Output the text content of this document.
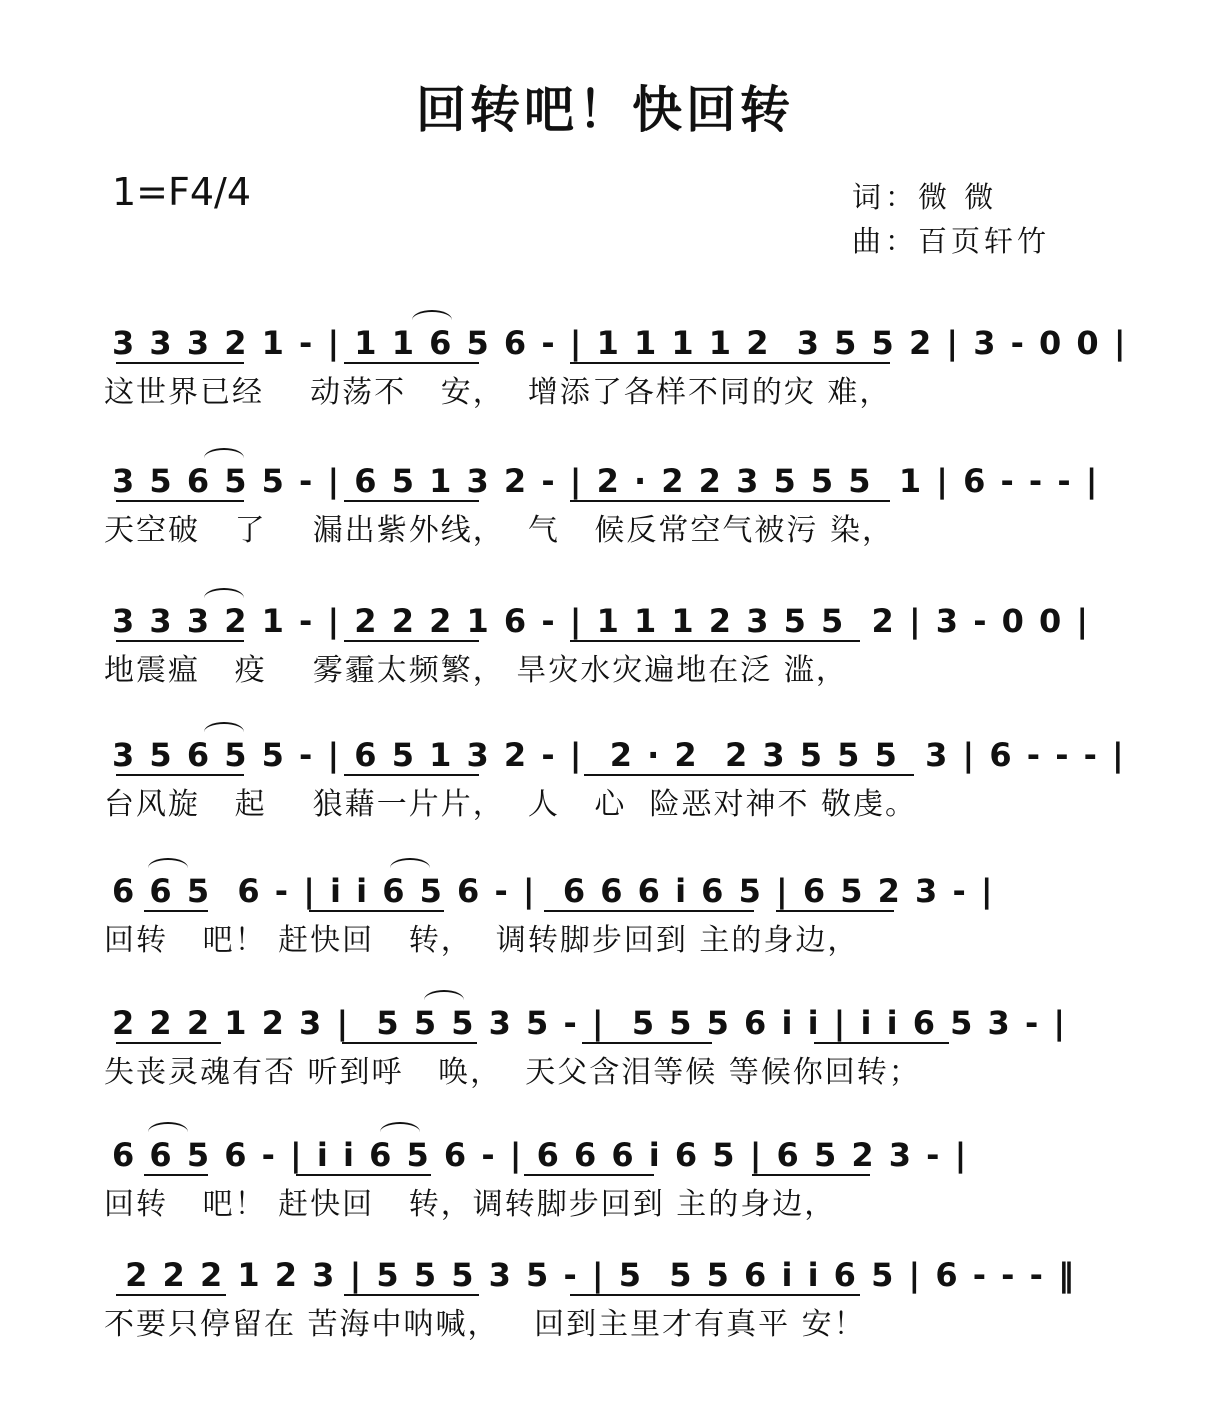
回转吧！快回转
1=F4/4	词：微 微
曲：百页轩竹
3 3 3 2 1 - | 1 1 6 5 6 - | 1 1 1 1 2  3 5 5 2 | 3 - 0 0 |
这世界已经    动荡不   安，  增添了各样不同的灾 难，
3 5 6 5 5 - | 6 5 1 3 2 - | 2 · 2 2 3 5 5 5  1 | 6 - - - |
天空破   了    漏出紫外线，  气   候反常空气被污 染，
3 3 3 2 1 - | 2 2 2 1 6 - | 1 1 1 2 3 5 5  2 | 3 - 0 0 |
地震瘟   疫    雾霾太频繁， 旱灾水灾遍地在泛 滥，
3 5 6 5 5 - | 6 5 1 3 2 - |  2 · 2  2 3 5 5 5  3 | 6 - - - |
台风旋   起    狼藉一片片，  人   心  险恶对神不 敬虔。
6 6 5  6 - | i i 6 5 6 - |  6 6 6 i 6 5 | 6 5 2 3 - |
回转   吧！ 赶快回   转，  调转脚步回到 主的身边，
2 2 2 1 2 3 |  5 5 5 3 5 - |  5 5 5 6 i i | i i 6 5 3 - |
失丧灵魂有否 听到呼   唤，  天父含泪等候 等候你回转；
6 6 5 6 - | i i 6 5 6 - | 6 6 6 i 6 5 | 6 5 2 3 - |
回转   吧！ 赶快回   转，调转脚步回到 主的身边，
2 2 2 1 2 3 | 5 5 5 3 5 - | 5  5 5 6 i i 6 5 | 6 - - - ‖
不要只停留在 苦海中呐喊，   回到主里才有真平 安！
